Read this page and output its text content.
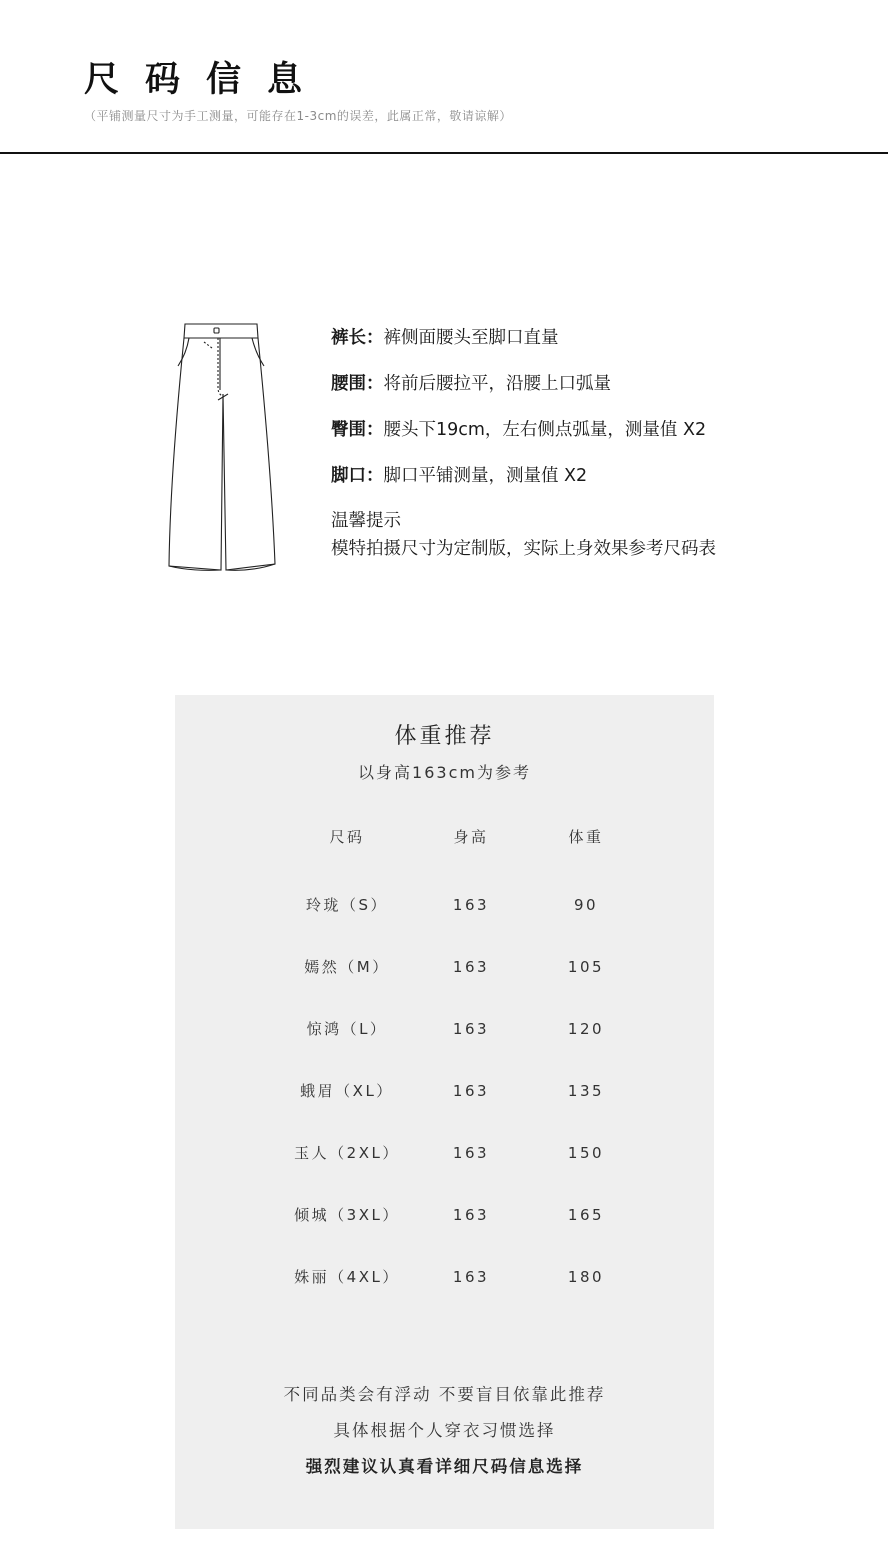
尺码信息
（平铺测量尺寸为手工测量，可能存在1-3cm的误差，此属正常，敬请谅解）
裤长：裤侧面腰头至脚口直量
腰围：将前后腰拉平，沿腰上口弧量
臀围：腰头下19cm，左右侧点弧量，测量值 X2
脚口：脚口平铺测量，测量值 X2
温馨提示
模特拍摄尺寸为定制版，实际上身效果参考尺码表
体重推荐
以身高163cm为参考
尺码	身高	体重
玲珑（S）	163	90
嫣然（M）	163	105
惊鸿（L）	163	120
蛾眉（XL）	163	135
玉人（2XL）	163	150
倾城（3XL）	163	165
姝丽（4XL）	163	180
不同品类会有浮动 不要盲目依靠此推荐
具体根据个人穿衣习惯选择
强烈建议认真看详细尺码信息选择
